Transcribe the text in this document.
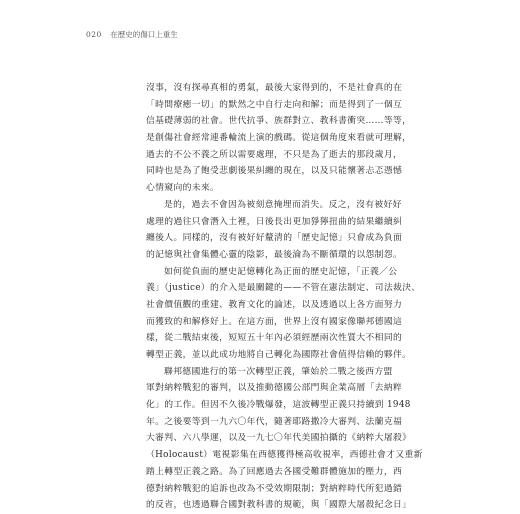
020 在歷史的傷口上重生
沒事，沒有探尋真相的勇氣，最後大家得到的，不是社會真的在
「時間療癒一切」的默然之中自行走向和解；而是得到了一個互
信基礎薄弱的社會。世代抗爭、族群對立、教科書衝突……等等，
是創傷社會經常連番輪流上演的戲碼。從這個角度來看就可理解，
過去的不公不義之所以需要處理，不只是為了逝去的那段歲月，
同時也是為了飽受悲劇後果糾纏的現在，以及只能懷著忐忑憑憾
心情窺向的未來。
是的，過去不會因為被刻意掩埋而消失。反之，沒有被好好
處理的過往只會潛入土裡，日後長出更加猙獰扭曲的結果繼續糾
纏後人。同樣的，沒有被好好釐清的「歷史記憶」只會成為負面
的記憶與社會集體心靈的陰影，最後淪為不斷循環的以怨制怨。
如何從負面的歷史記憶轉化為正面的歷史記憶，「正義／公
義」（justice）的介入是最關鍵的——不管在憲法制定、司法裁決、
社會價值觀的重建、教育文化的論述，以及透過以上各方面努力
而獲致的和解修好上。在這方面，世界上沒有國家像聯邦德國這
樣，從二戰結束後，短短五十年內必須經歷兩次性質大不相同的
轉型正義，並以此成功地將自己轉化為國際社會值得信賴的夥伴。
聯邦德國進行的第一次轉型正義，肇始於二戰之後西方盟
軍對納粹戰犯的審判，以及推動德國公部門與企業高層「去納粹
化」的工作。但因不久後冷戰爆發，這波轉型正義只持續到 1948
年。之後要等到一九六〇年代，隨著耶路撒冷大審判、法蘭克福
大審判、六八學運，以及一九七〇年代美國拍攝的《納粹大屠殺》
（Holocaust）電視影集在西德獲得極高收視率，西德社會才又重新
踏上轉型正義之路。為了回應過去各國受難群體施加的壓力，西
德對納粹戰犯的追訴也改為不受效期限制；對納粹時代所犯過錯
的反省，也透過聯合國對教科書的規範，與「國際大屠殺紀念日」
